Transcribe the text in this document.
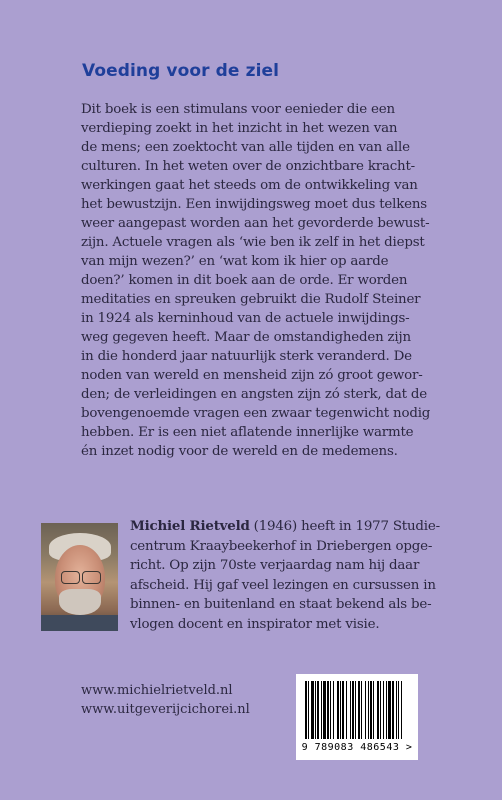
Voeding voor de ziel
Dit boek is een stimulans voor eenieder die een
verdieping zoekt in het inzicht in het wezen van
de mens; een zoektocht van alle tijden en van alle
culturen. In het weten over de onzichtbare kracht-
werkingen gaat het steeds om de ontwikkeling van
het bewustzijn. Een inwijdingsweg moet dus telkens
weer aangepast worden aan het gevorderde bewust-
zijn. Actuele vragen als ‘wie ben ik zelf in het diepst
van mijn wezen?’ en ‘wat kom ik hier op aarde
doen?’ komen in dit boek aan de orde. Er worden
meditaties en spreuken gebruikt die Rudolf Steiner
in 1924 als kerninhoud van de actuele inwijdings-
weg gegeven heeft. Maar de omstandigheden zijn
in die honderd jaar natuurlijk sterk veranderd. De
noden van wereld en mensheid zijn zó groot gewor-
den; de verleidingen en angsten zijn zó sterk, dat de
bovengenoemde vragen een zwaar tegenwicht nodig
hebben. Er is een niet aflatende innerlijke warmte
én inzet nodig voor de wereld en de medemens.
Michiel Rietveld (1946) heeft in 1977 Studie-
centrum Kraaybeekerhof in Driebergen opge-
richt. Op zijn 70ste verjaardag nam hij daar
afscheid. Hij gaf veel lezingen en cursussen in
binnen- en buitenland en staat bekend als be-
vlogen docent en inspirator met visie.
www.michielrietveld.nl
www.uitgeverijcichorei.nl
9 789083 486543 >
